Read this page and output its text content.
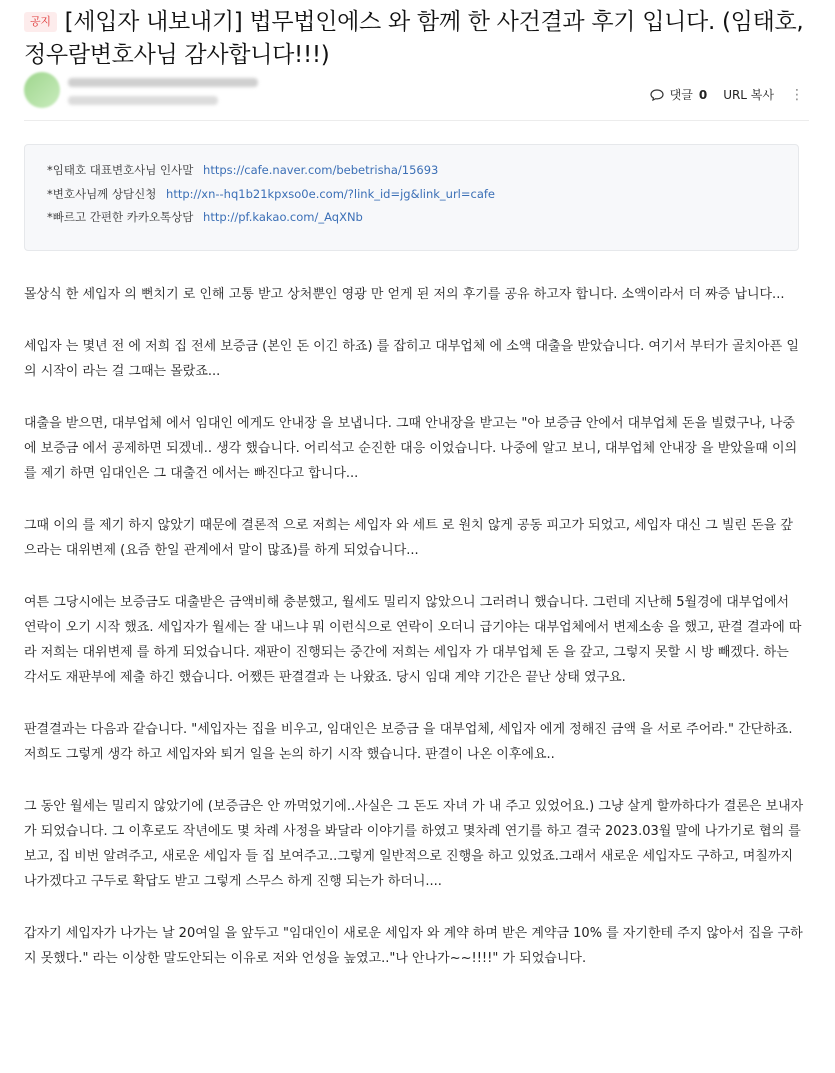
공지 [세입자 내보내기] 법무법인에스 와 함께 한 사건결과 후기 입니다. (임태호, 정우람변호사님 감사합니다!!!)
댓글 0 URL 복사 ⋮
*임태호 대표변호사님 인사말 https://cafe.naver.com/bebetrisha/15693
*변호사님께 상담신청 http://xn--hq1b21kpxso0e.com/?link_id=jg&link_url=cafe
*빠르고 간편한 카카오톡상담 http://pf.kakao.com/_AqXNb

몰상식 한 세입자 의 뻔치기 로 인해 고통 받고 상처뿐인 영광 만 얻게 된 저의 후기를 공유 하고자 합니다. 소액이라서 더 짜증 납니다...

세입자 는 몇년 전 에 저희 집 전세 보증금 (본인 돈 이긴 하죠) 를 잡히고 대부업체 에 소액 대출을 받았습니다. 여기서 부터가 골치아픈 일의 시작이 라는 걸 그때는 몰랐죠...

대출을 받으면, 대부업체 에서 임대인 에게도 안내장 을 보냅니다. 그때 안내장을 받고는 "아 보증금 안에서 대부업체 돈을 빌렸구나, 나중에 보증금 에서 공제하면 되겠네.. 생각 했습니다. 어리석고 순진한 대응 이었습니다. 나중에 알고 보니, 대부업체 안내장 을 받았을때 이의를 제기 하면 임대인은 그 대출건 에서는 빠진다고 합니다...

그때 이의 를 제기 하지 않았기 때문에 결론적 으로 저희는 세입자 와 세트 로 원치 않게 공동 피고가 되었고, 세입자 대신 그 빌린 돈을 갚으라는 대위변제 (요즘 한일 관계에서 말이 많죠)를 하게 되었습니다...

여튼 그당시에는 보증금도 대출받은 금액비해 충분했고, 월세도 밀리지 않았으니 그러려니 했습니다. 그런데 지난해 5월경에 대부업에서 연락이 오기 시작 했죠. 세입자가 월세는 잘 내느냐 뭐 이런식으로 연락이 오더니 급기야는 대부업체에서 변제소송 을 했고, 판결 결과에 따라 저희는 대위변제 를 하게 되었습니다. 재판이 진행되는 중간에 저희는 세입자 가 대부업체 돈 을 갚고, 그렇지 못할 시 방 빼겠다. 하는 각서도 재판부에 제출 하긴 했습니다. 어쨌든 판결결과 는 나왔죠. 당시 임대 계약 기간은 끝난 상태 였구요.

판결결과는 다음과 같습니다. "세입자는 집을 비우고, 임대인은 보증금 을 대부업체, 세입자 에게 정해진 금액 을 서로 주어라." 간단하죠. 저희도 그렇게 생각 하고 세입자와 퇴거 일을 논의 하기 시작 했습니다. 판결이 나온 이후에요..

그 동안 월세는 밀리지 않았기에 (보증금은 안 까먹었기에..사실은 그 돈도 자녀 가 내 주고 있었어요.) 그냥 살게 할까하다가 결론은 보내자 가 되었습니다. 그 이후로도 작년에도 몇 차례 사정을 봐달라 이야기를 하였고 몇차례 연기를 하고 결국 2023.03월 말에 나가기로 협의 를 보고, 집 비번 알려주고, 새로운 세입자 들 집 보여주고..그렇게 일반적으로 진행을 하고 있었죠.그래서 새로운 세입자도 구하고, 며칠까지 나가겠다고 구두로 확답도 받고 그렇게 스무스 하게 진행 되는가 하더니....

갑자기 세입자가 나가는 날 20여일 을 앞두고 "임대인이 새로운 세입자 와 계약 하며 받은 계약금 10% 를 자기한테 주지 않아서 집을 구하지 못했다." 라는 이상한 말도안되는 이유로 저와 언성을 높였고.."나 안나가~~!!!!" 가 되었습니다.
